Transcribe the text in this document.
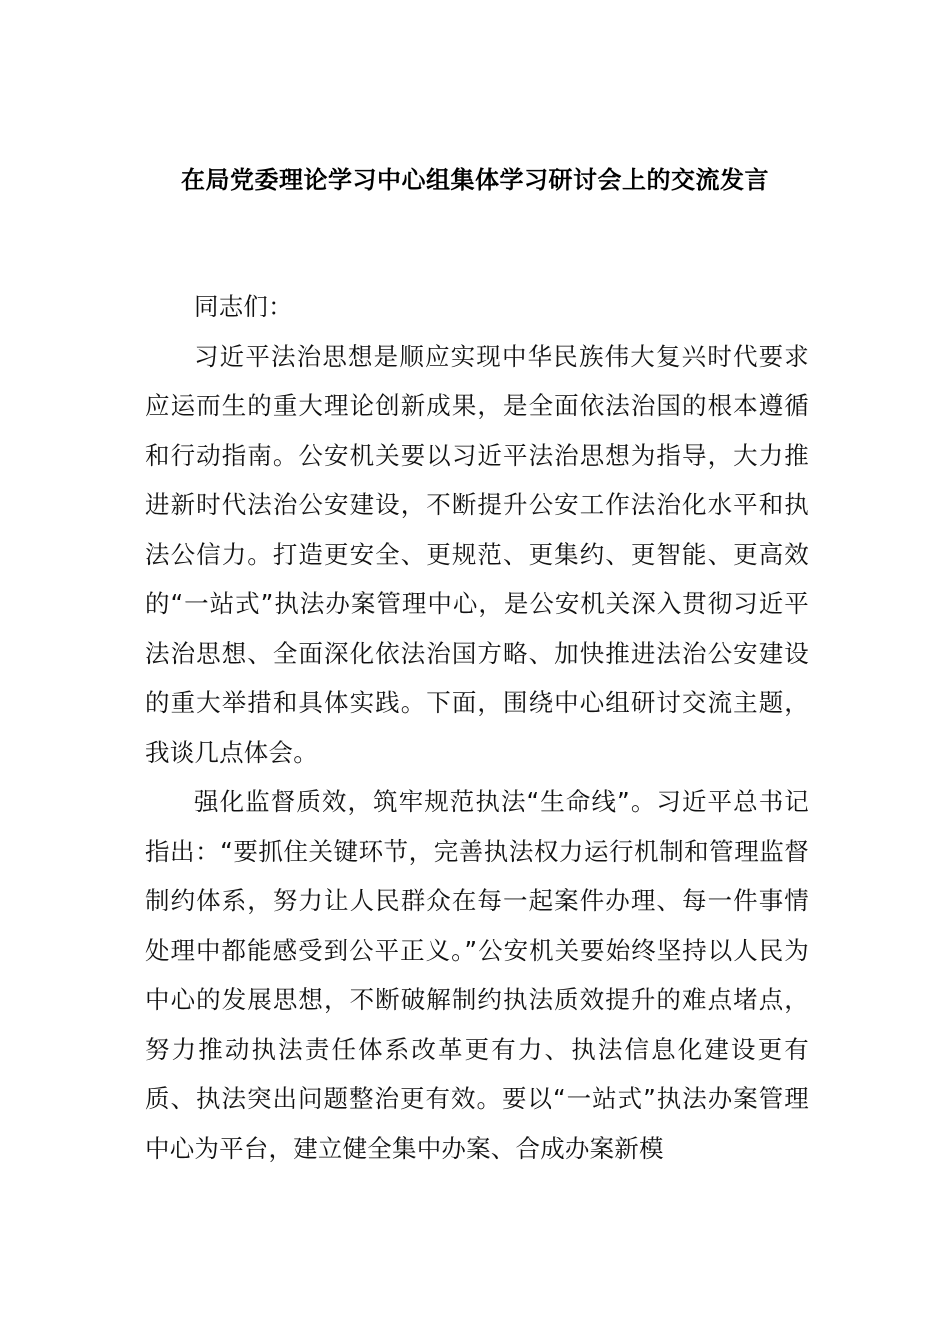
在局党委理论学习中心组集体学习研讨会上的交流发言

同志们：

习近平法治思想是顺应实现中华民族伟大复兴时代要求应运而生的重大理论创新成果，是全面依法治国的根本遵循和行动指南。公安机关要以习近平法治思想为指导，大力推进新时代法治公安建设，不断提升公安工作法治化水平和执法公信力。打造更安全、更规范、更集约、更智能、更高效的“一站式”执法办案管理中心，是公安机关深入贯彻习近平法治思想、全面深化依法治国方略、加快推进法治公安建设的重大举措和具体实践。下面，围绕中心组研讨交流主题，我谈几点体会。

强化监督质效，筑牢规范执法“生命线”。习近平总书记指出：“要抓住关键环节，完善执法权力运行机制和管理监督制约体系，努力让人民群众在每一起案件办理、每一件事情处理中都能感受到公平正义。”公安机关要始终坚持以人民为中心的发展思想，不断破解制约执法质效提升的难点堵点，努力推动执法责任体系改革更有力、执法信息化建设更有质、执法突出问题整治更有效。要以“一站式”执法办案管理中心为平台，建立健全集中办案、合成办案新模
